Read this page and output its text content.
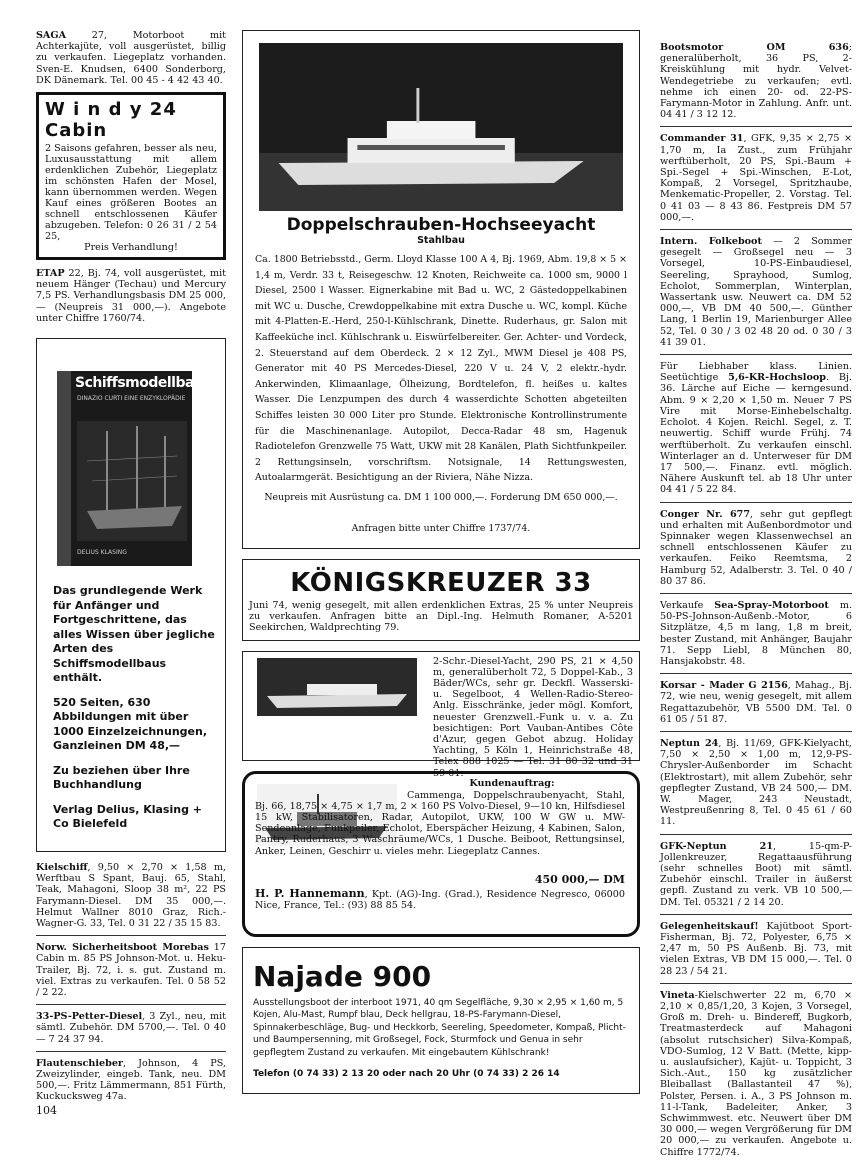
SAGA 27, Motorboot mit Achterkajüte, voll ausgerüstet, billig zu verkaufen. Liegeplatz vorhanden. Sven-E. Knudsen, 6400 Sonderborg, DK Dänemark. Tel. 00 45 - 4 42 43 40.

W i n d y 24 Cabin
2 Saisons gefahren, besser als neu, Luxusausstattung mit allem erdenklichen Zubehör, Liegeplatz im schönsten Hafen der Mosel, kann übernommen werden. Wegen Kauf eines größeren Bootes an schnell entschlossenen Käufer abzugeben. Telefon: 0 26 31 / 2 54 25,
Preis Verhandlung!

ETAP 22, Bj. 74, voll ausgerüstet, mit neuem Hänger (Techau) und Mercury 7,5 PS. Verhandlungsbasis DM 25 000,— (Neupreis 31 000,—). Angebote unter Chiffre 1760/74.

Schiffsmodellbau
DINAZIO CURTI EINE ENZYKLOPÄDIE
DELIUS KLASING

Das grundlegende Werk für Anfänger und Fortgeschrittene, das alles Wissen über jegliche Arten des Schiffsmodellbaus enthält.

520 Seiten, 630 Abbildungen mit über 1000 Einzelzeichnungen, Ganzleinen DM 48,—

Zu beziehen über Ihre Buchhandlung

Verlag Delius, Klasing + Co Bielefeld

Kielschiff, 9,50 × 2,70 × 1,58 m, Werftbau S Spant, Bauj. 65, Stahl, Teak, Mahagoni, Sloop 38 m², 22 PS Farymann-Diesel. DM 35 000,—. Helmut Wallner 8010 Graz, Rich.-Wagner-G. 33, Tel. 0 31 22 / 35 15 83.

Norw. Sicherheitsboot Morebas 17 Cabin m. 85 PS Johnson-Mot. u. Heku-Trailer, Bj. 72, i. s. gut. Zustand m. viel. Extras zu verkaufen. Tel. 0 58 52 / 2 22.

33-PS-Petter-Diesel, 3 Zyl., neu, mit sämtl. Zubehör. DM 5700,—. Tel. 0 40 — 7 24 37 94.

Flautenschieber, Johnson, 4 PS, Zweizylinder, eingeb. Tank, neu. DM 500,—. Fritz Lämmermann, 851 Fürth, Kuckucksweg 47a.

Doppelschrauben-Hochseeyacht
Stahlbau
Ca. 1800 Betriebsstd., Germ. Lloyd Klasse 100 A 4, Bj. 1969, Abm. 19,8 × 5 × 1,4 m, Verdr. 33 t, Reisegeschw. 12 Knoten, Reichweite ca. 1000 sm, 9000 l Diesel, 2500 l Wasser. Eignerkabine mit Bad u. WC, 2 Gästedoppelkabinen mit WC u. Dusche, Crewdoppelkabine mit extra Dusche u. WC, kompl. Küche mit 4-Platten-E.-Herd, 250-l-Kühlschrank, Dinette. Ruderhaus, gr. Salon mit Kaffeeküche incl. Kühlschrank u. Eiswürfelbereiter. Ger. Achter- und Vordeck, 2. Steuerstand auf dem Oberdeck. 2 × 12 Zyl., MWM Diesel je 408 PS, Generator mit 40 PS Mercedes-Diesel, 220 V u. 24 V, 2 elektr.-hydr. Ankerwinden, Klimaanlage, Ölheizung, Bordtelefon, fl. heißes u. kaltes Wasser. Die Lenzpumpen des durch 4 wasserdichte Schotten abgeteilten Schiffes leisten 30 000 Liter pro Stunde. Elektronische Kontrollinstrumente für die Maschinenanlage. Autopilot, Decca-Radar 48 sm, Hagenuk Radiotelefon Grenzwelle 75 Watt, UKW mit 28 Kanälen, Plath Sichtfunkpeiler. 2 Rettungsinseln, vorschriftsm. Notsignale, 14 Rettungswesten, Autoalarmgerät. Besichtigung an der Riviera, Nähe Nizza.
Neupreis mit Ausrüstung ca. DM 1 100 000,—. Forderung DM 650 000,—.
Anfragen bitte unter Chiffre 1737/74.
KÖNIGSKREUZER 33
Juni 74, wenig gesegelt, mit allen erdenklichen Extras, 25 % unter Neupreis zu verkaufen. Anfragen bitte an Dipl.-Ing. Helmuth Romaner, A-5201 Seekirchen, Waldprechting 79.
2-Schr.-Diesel-Yacht, 290 PS, 21 × 4,50 m, generalüberholt 72, 5 Doppel-Kab., 3 Bäder/WCs, sehr gr. Deckfl. Wasserski- u. Segelboot, 4 Wellen-Radio-Stereo-Anlg. Eisschränke, jeder mögl. Komfort, neuester Grenzwell.-Funk u. v. a. Zu besichtigen: Port Vauban-Antibes Côte d'Azur, gegen Gebot abzug. Holiday Yachting, 5 Köln 1, Heinrichstraße 48, Telex 888 1025 — Tel. 31 80 32 und 31 59 01.
Kundenauftrag:
Cammenga, Doppelschraubenyacht, Stahl, Bj. 66, 18,75 × 4,75 × 1,7 m, 2 × 160 PS Volvo-Diesel, 9—10 kn, Hilfsdiesel 15 kW, Stabilisatoren, Radar, Autopilot, UKW, 100 W GW u. MW-Sendeanlage, Funkpeiler, Echolot, Eberspächer Heizung, 4 Kabinen, Salon, Pantry, Ruderhaus, 3 Waschräume/WCs, 1 Dusche. Beiboot, Rettungsinsel, Anker, Leinen, Geschirr u. vieles mehr. Liegeplatz Cannes.
450 000,— DM
H. P. Hannemann, Kpt. (AG)-Ing. (Grad.), Residence Negresco, 06000 Nice, France, Tel.: (93) 88 85 54.
Najade 900
Ausstellungsboot der interboot 1971, 40 qm Segelfläche, 9,30 × 2,95 × 1,60 m, 5 Kojen, Alu-Mast, Rumpf blau, Deck hellgrau, 18-PS-Farymann-Diesel, Spinnakerbeschläge, Bug- und Heckkorb, Seereling, Speedometer, Kompaß, Plicht- und Baumpersenning, mit Großsegel, Fock, Sturmfock und Genua in sehr gepflegtem Zustand zu verkaufen. Mit eingebautem Kühlschrank!
Telefon (0 74 33) 2 13 20 oder nach 20 Uhr (0 74 33) 2 26 14

Bootsmotor OM 636; generalüberholt, 36 PS, 2-Kreiskühlung mit hydr. Velvet-Wendegetriebe zu verkaufen; evtl. nehme ich einen 20- od. 22-PS-Farymann-Motor in Zahlung. Anfr. unt. 04 41 / 3 12 12.

Commander 31, GFK, 9,35 × 2,75 × 1,70 m, Ia Zust., zum Frühjahr werftüberholt, 20 PS, Spi.-Baum + Spi.-Segel + Spi.-Winschen, E-Lot, Kompaß, 2 Vorsegel, Spritzhaube, Menkematic-Propeller, 2. Vorstag. Tel. 0 41 03 — 8 43 86. Festpreis DM 57 000,—.

Intern. Folkeboot — 2 Sommer gesegelt — Großsegel neu — 3 Vorsegel, 10-PS-Einbaudiesel, Seereling, Sprayhood, Sumlog, Echolot, Sommerplan, Winterplan, Wassertank usw. Neuwert ca. DM 52 000,—, VB DM 40 500,—. Günther Lang, 1 Berlin 19, Marienburger Allee 52, Tel. 0 30 / 3 02 48 20 od. 0 30 / 3 41 39 01.

Für Liebhaber klass. Linien. Seetüchtige 5,6-KR-Hochsloop. Bj. 36. Lärche auf Eiche — kerngesund. Abm. 9 × 2,20 × 1,50 m. Neuer 7 PS Vire mit Morse-Einhebelschaltg. Echolot. 4 Kojen. Reichl. Segel, z. T. neuwertig. Schiff wurde Frühj. 74 werftüberholt. Zu verkaufen einschl. Winterlager an d. Unterweser für DM 17 500,—. Finanz. evtl. möglich. Nähere Auskunft tel. ab 18 Uhr unter 04 41 / 5 22 84.

Conger Nr. 677, sehr gut gepflegt und erhalten mit Außenbordmotor und Spinnaker wegen Klassenwechsel an schnell entschlossenen Käufer zu verkaufen. Feiko Reemtsma, 2 Hamburg 52, Adalberstr. 3. Tel. 0 40 / 80 37 86.

Verkaufe Sea-Spray-Motorboot m. 50-PS-Johnson-Außenb.-Motor, 6 Sitzplätze, 4,5 m lang, 1,8 m breit, bester Zustand, mit Anhänger, Baujahr 71. Sepp Liebl, 8 München 80, Hansjakobstr. 48.

Korsar - Mader G 2156, Mahag., Bj. 72, wie neu, wenig gesegelt, mit allem Regattazubehör, VB 5500 DM. Tel. 0 61 05 / 51 87.

Neptun 24, Bj. 11/69, GFK-Kielyacht, 7,50 × 2,50 × 1,00 m, 12,9-PS-Chrysler-Außenborder im Schacht (Elektrostart), mit allem Zubehör, sehr gepflegter Zustand, VB 24 500,— DM. W. Mager, 243 Neustadt, Westpreußenring 8, Tel. 0 45 61 / 60 11.

GFK-Neptun 21, 15-qm-P-Jollenkreuzer, Regattaausführung (sehr schnelles Boot) mit sämtl. Zubehör einschl. Trailer in äußerst gepfl. Zustand zu verk. VB 10 500,— DM. Tel. 05321 / 2 14 20.

Gelegenheitskauf! Kajütboot Sport-Fisherman, Bj. 72, Polyester, 6,75 × 2,47 m, 50 PS Außenb. Bj. 73, mit vielen Extras, VB DM 15 000,—. Tel. 0 28 23 / 54 21.

Vineta-Kielschwerter 22 m, 6,70 × 2,10 × 0,85/1,20, 3 Kojen, 3 Vorsegel, Groß m. Dreh- u. Bindereff, Bugkorb, Treatmasterdeck auf Mahagoni (absolut rutschsicher) Silva-Kompaß, VDO-Sumlog, 12 V Batt. (Mette, kipp- u. auslaufsicher), Kajüt- u. Toppicht, 3 Sich.-Aut., 150 kg zusätzlicher Bleiballast (Ballastanteil 47 %), Polster, Persen. i. A., 3 PS Johnson m. 11-l-Tank, Badeleiter, Anker, 3 Schwimmwest. etc. Neuwert über DM 30 000,— wegen Vergrößerung für DM 20 000,— zu verkaufen. Angebote u. Chiffre 1772/74.

104
